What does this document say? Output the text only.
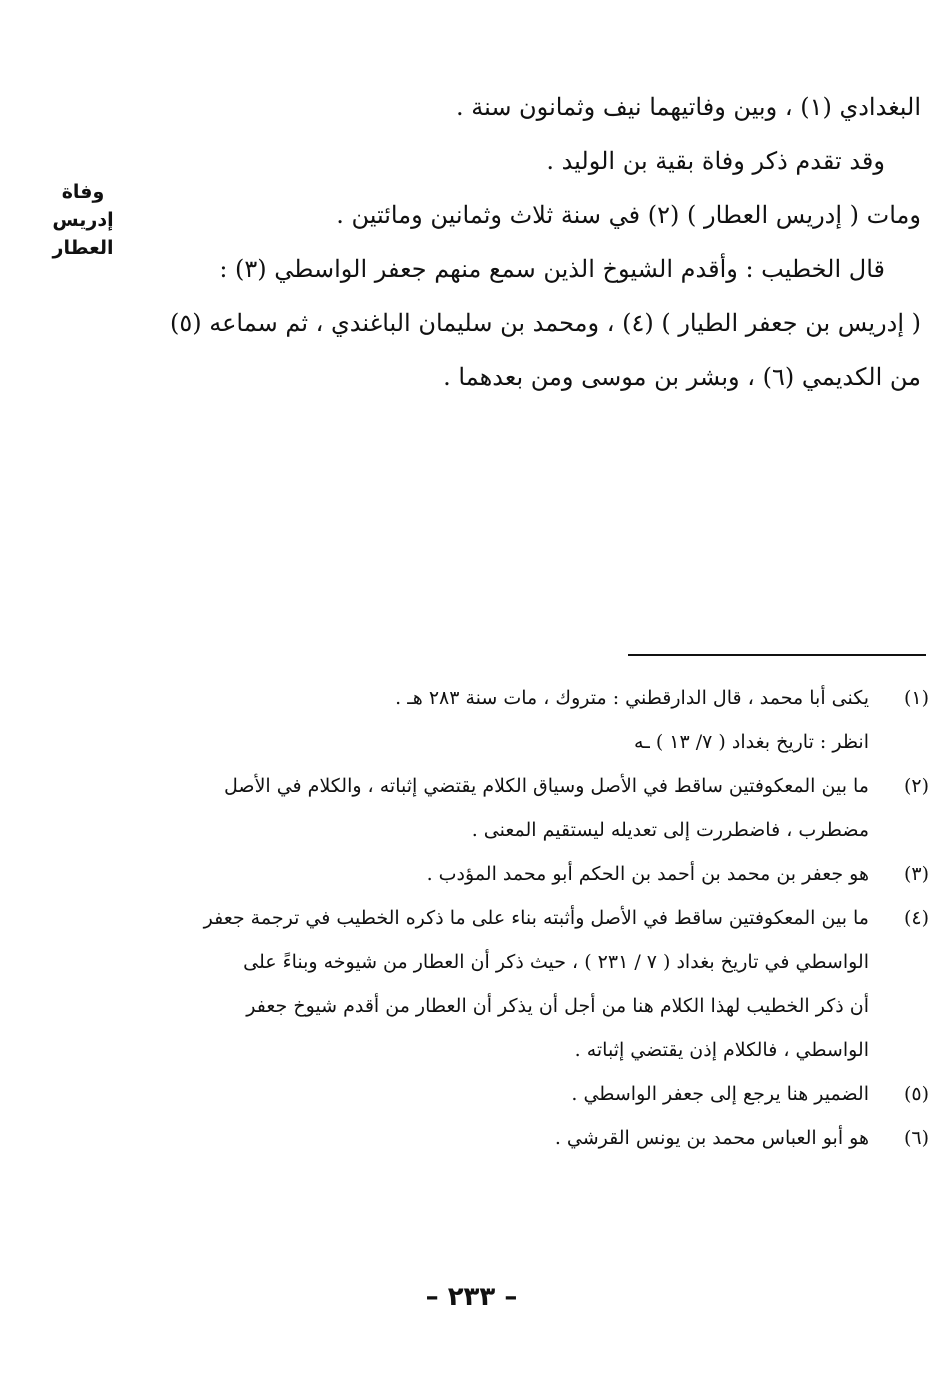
البغدادي (١) ، وبين وفاتيهما نيف وثمانون سنة .
وقد تقدم ذكر وفاة بقية بن الوليد .
ومات ( إدريس العطار ) (٢) في سنة ثلاث وثمانين ومائتين .
قال الخطيب : وأقدم الشيوخ الذين سمع منهم جعفر الواسطي (٣) :
( إدريس بن جعفر الطيار ) (٤) ، ومحمد بن سليمان الباغندي ، ثم سماعه (٥)
من الكديمي (٦) ، وبشر بن موسى ومن بعدهما .
وفاة إدريس
العطار
(١)
يكنى أبا محمد ، قال الدارقطني : متروك ، مات سنة ٢٨٣ هـ .
انظر : تاريخ بغداد ( ٧/ ١٣ ) ـه
(٢)
ما بين المعكوفتين ساقط في الأصل وسياق الكلام يقتضي إثباته ، والكلام في الأصل
مضطرب ، فاضطررت إلى تعديله ليستقيم المعنى .
(٣)
هو جعفر بن محمد بن أحمد بن الحكم أبو محمد المؤدب .
(٤)
ما بين المعكوفتين ساقط في الأصل وأثبته بناء على ما ذكره الخطيب في ترجمة جعفر
الواسطي في تاريخ بغداد ( ٧ / ٢٣١ ) ، حيث ذكر أن العطار من شيوخه وبناءً على
أن ذكر الخطيب لهذا الكلام هنا من أجل أن يذكر أن العطار من أقدم شيوخ جعفر
الواسطي ، فالكلام إذن يقتضي إثباته .
(٥)
الضمير هنا يرجع إلى جعفر الواسطي .
(٦)
هو أبو العباس محمد بن يونس القرشي .
– ٢٣٣ –
